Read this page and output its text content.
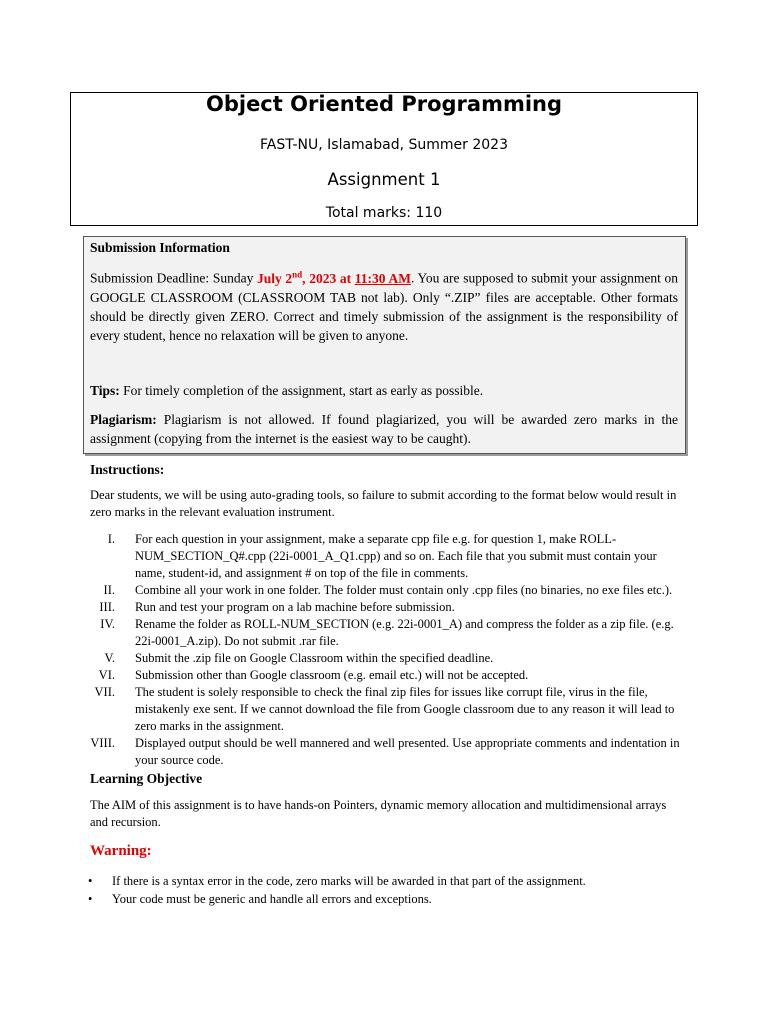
Object Oriented Programming
FAST-NU, Islamabad, Summer 2023
Assignment 1
Total marks: 110
Submission Information
Submission Deadline: Sunday July 2nd, 2023 at 11:30 AM. You are supposed to submit your assignment on GOOGLE CLASSROOM (CLASSROOM TAB not lab). Only “.ZIP” files are acceptable. Other formats should be directly given ZERO. Correct and timely submission of the assignment is the responsibility of every student, hence no relaxation will be given to anyone.
Tips: For timely completion of the assignment, start as early as possible.
Plagiarism: Plagiarism is not allowed. If found plagiarized, you will be awarded zero marks in the assignment (copying from the internet is the easiest way to be caught).
Instructions:
Dear students, we will be using auto-grading tools, so failure to submit according to the format below would result in zero marks in the relevant evaluation instrument.
I.	For each question in your assignment, make a separate cpp file e.g. for question 1, make ROLL-NUM_SECTION_Q#.cpp (22i-0001_A_Q1.cpp) and so on. Each file that you submit must contain your name, student-id, and assignment # on top of the file in comments.
II.	Combine all your work in one folder. The folder must contain only .cpp files (no binaries, no exe files etc.).
III.	Run and test your program on a lab machine before submission.
IV.	Rename the folder as ROLL-NUM_SECTION (e.g. 22i-0001_A) and compress the folder as a zip file. (e.g. 22i-0001_A.zip). Do not submit .rar file.
V.	Submit the .zip file on Google Classroom within the specified deadline.
VI.	Submission other than Google classroom (e.g. email etc.) will not be accepted.
VII.	The student is solely responsible to check the final zip files for issues like corrupt file, virus in the file, mistakenly exe sent. If we cannot download the file from Google classroom due to any reason it will lead to zero marks in the assignment.
VIII.	Displayed output should be well mannered and well presented. Use appropriate comments and indentation in your source code.
Learning Objective
The AIM of this assignment is to have hands-on Pointers, dynamic memory allocation and multidimensional arrays and recursion.
Warning:
•	If there is a syntax error in the code, zero marks will be awarded in that part of the assignment.
•	Your code must be generic and handle all errors and exceptions.
